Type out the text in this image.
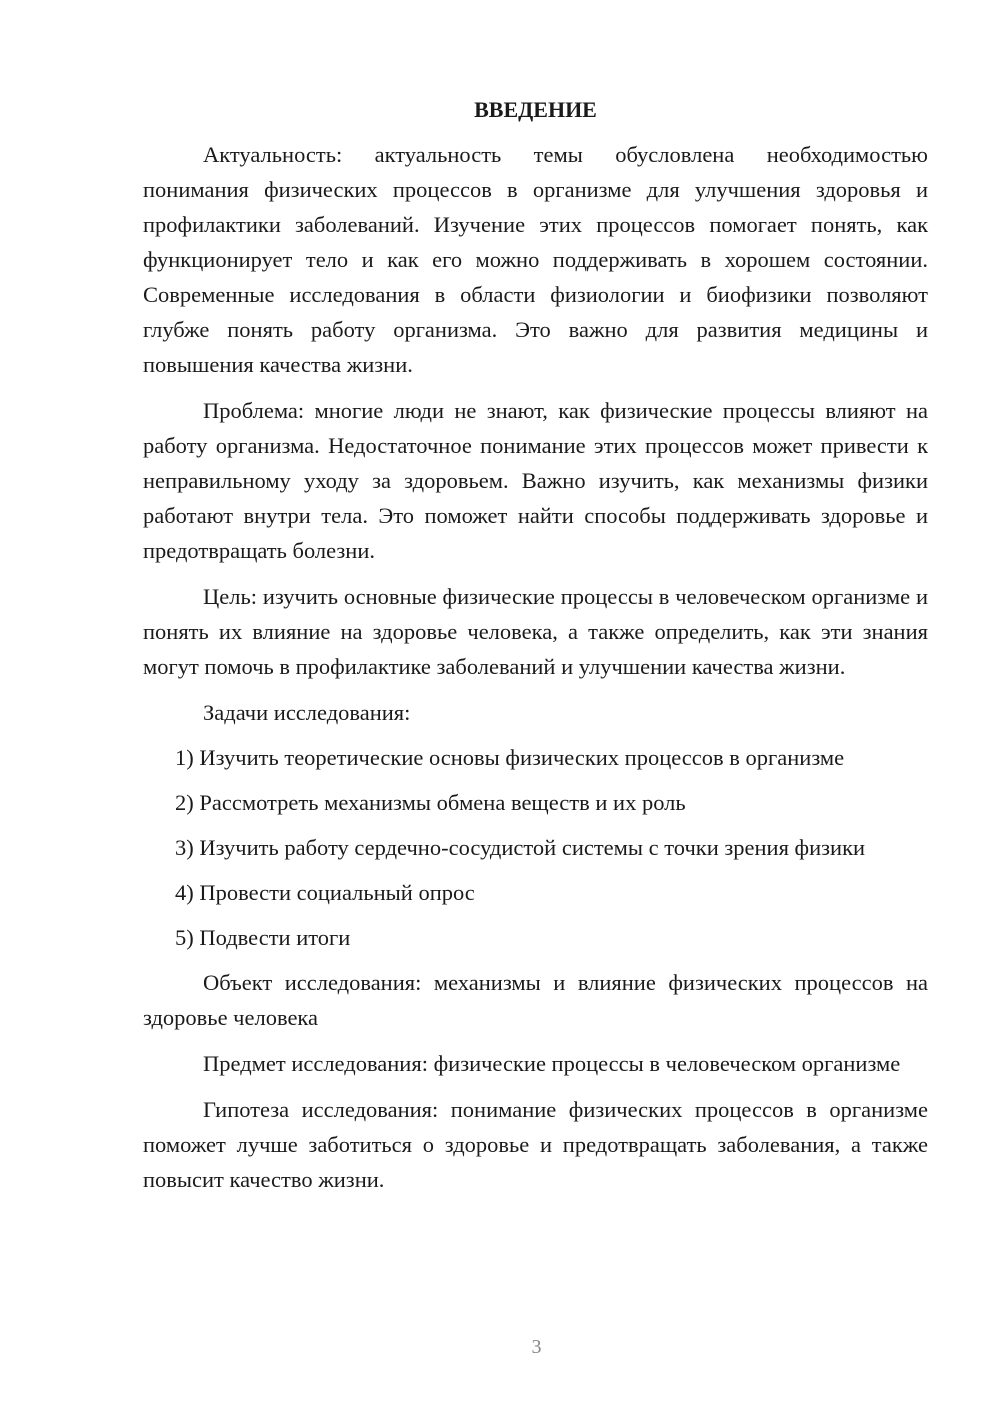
ВВЕДЕНИЕ

Актуальность: актуальность темы обусловлена необходимостью понимания физических процессов в организме для улучшения здоровья и профилактики заболеваний. Изучение этих процессов помогает понять, как функционирует тело и как его можно поддерживать в хорошем состоянии. Современные исследования в области физиологии и биофизики позволяют глубже понять работу организма. Это важно для развития медицины и повышения качества жизни.

Проблема: многие люди не знают, как физические процессы влияют на работу организма. Недостаточное понимание этих процессов может привести к неправильному уходу за здоровьем. Важно изучить, как механизмы физики работают внутри тела. Это поможет найти способы поддерживать здоровье и предотвращать болезни.

Цель: изучить основные физические процессы в человеческом организме и понять их влияние на здоровье человека, а также определить, как эти знания могут помочь в профилактике заболеваний и улучшении качества жизни.

Задачи исследования:

1) Изучить теоретические основы физических процессов в организме

2) Рассмотреть механизмы обмена веществ и их роль

3) Изучить работу сердечно-сосудистой системы с точки зрения физики

4) Провести социальный опрос

5) Подвести итоги

Объект исследования: механизмы и влияние физических процессов на здоровье человека

Предмет исследования: физические процессы в человеческом организме

Гипотеза исследования: понимание физических процессов в организме поможет лучше заботиться о здоровье и предотвращать заболевания, а также повысит качество жизни.

3
